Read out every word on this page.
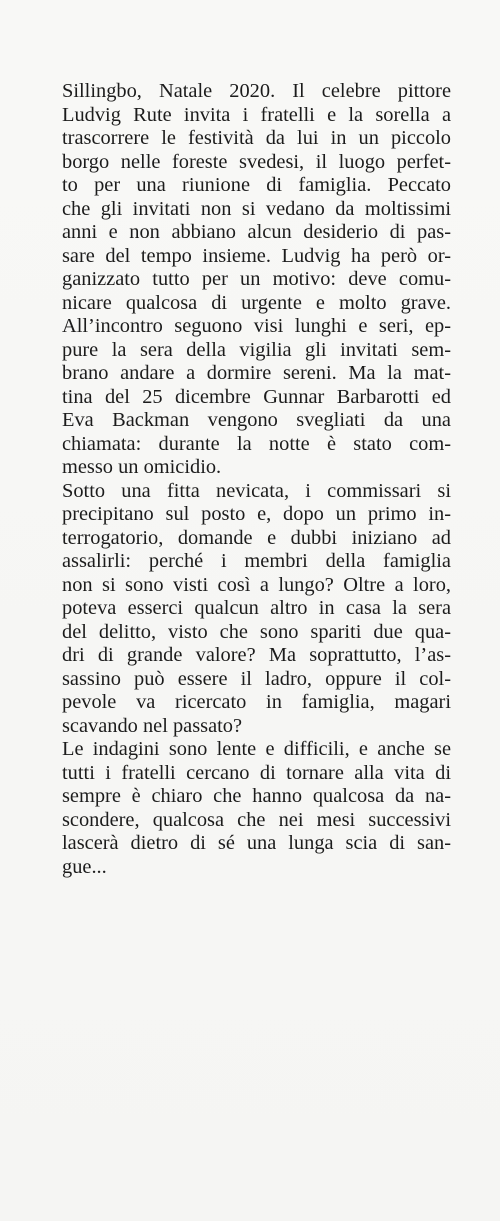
Sillingbo, Natale 2020. Il celebre pittore
Ludvig Rute invita i fratelli e la sorella a
trascorrere le festività da lui in un piccolo
borgo nelle foreste svedesi, il luogo perfet-
to per una riunione di famiglia. Peccato
che gli invitati non si vedano da moltissimi
anni e non abbiano alcun desiderio di pas-
sare del tempo insieme. Ludvig ha però or-
ganizzato tutto per un motivo: deve comu-
nicare qualcosa di urgente e molto grave.
All’incontro seguono visi lunghi e seri, ep-
pure la sera della vigilia gli invitati sem-
brano andare a dormire sereni. Ma la mat-
tina del 25 dicembre Gunnar Barbarotti ed
Eva Backman vengono svegliati da una
chiamata: durante la notte è stato com-
messo un omicidio.
Sotto una fitta nevicata, i commissari si
precipitano sul posto e, dopo un primo in-
terrogatorio, domande e dubbi iniziano ad
assalirli: perché i membri della famiglia
non si sono visti così a lungo? Oltre a loro,
poteva esserci qualcun altro in casa la sera
del delitto, visto che sono spariti due qua-
dri di grande valore? Ma soprattutto, l’as-
sassino può essere il ladro, oppure il col-
pevole va ricercato in famiglia, magari
scavando nel passato?
Le indagini sono lente e difficili, e anche se
tutti i fratelli cercano di tornare alla vita di
sempre è chiaro che hanno qualcosa da na-
scondere, qualcosa che nei mesi successivi
lascerà dietro di sé una lunga scia di san-
gue...
